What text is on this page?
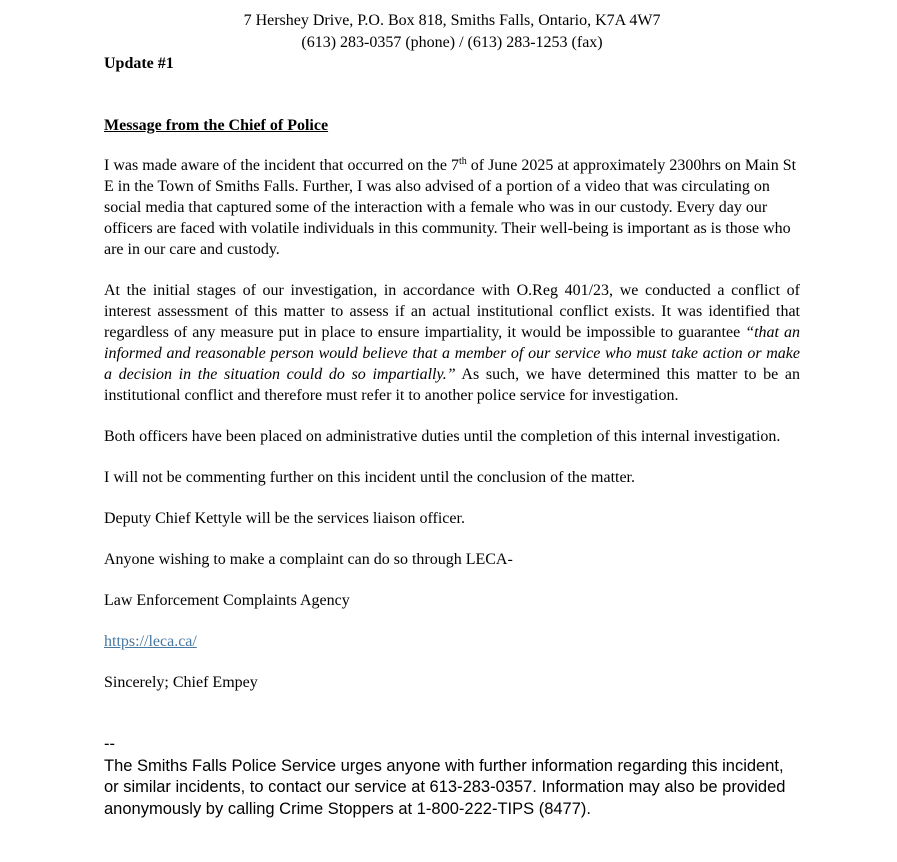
7 Hershey Drive, P.O. Box 818, Smiths Falls, Ontario, K7A 4W7
(613) 283-0357 (phone) / (613) 283-1253 (fax)
Update #1
Message from the Chief of Police

I was made aware of the incident that occurred on the 7th of June 2025 at approximately 2300hrs on Main St E in the Town of Smiths Falls. Further, I was also advised of a portion of a video that was circulating on social media that captured some of the interaction with a female who was in our custody. Every day our officers are faced with volatile individuals in this community. Their well-being is important as is those who are in our care and custody.

At the initial stages of our investigation, in accordance with O.Reg 401/23, we conducted a conflict of interest assessment of this matter to assess if an actual institutional conflict exists. It was identified that regardless of any measure put in place to ensure impartiality, it would be impossible to guarantee “that an informed and reasonable person would believe that a member of our service who must take action or make a decision in the situation could do so impartially.” As such, we have determined this matter to be an institutional conflict and therefore must refer it to another police service for investigation.

Both officers have been placed on administrative duties until the completion of this internal investigation.

I will not be commenting further on this incident until the conclusion of the matter.

Deputy Chief Kettyle will be the services liaison officer.

Anyone wishing to make a complaint can do so through LECA-

Law Enforcement Complaints Agency

https://leca.ca/

Sincerely; Chief Empey

--
The Smiths Falls Police Service urges anyone with further information regarding this incident, or similar incidents, to contact our service at 613-283-0357. Information may also be provided anonymously by calling Crime Stoppers at 1-800-222-TIPS (8477).
